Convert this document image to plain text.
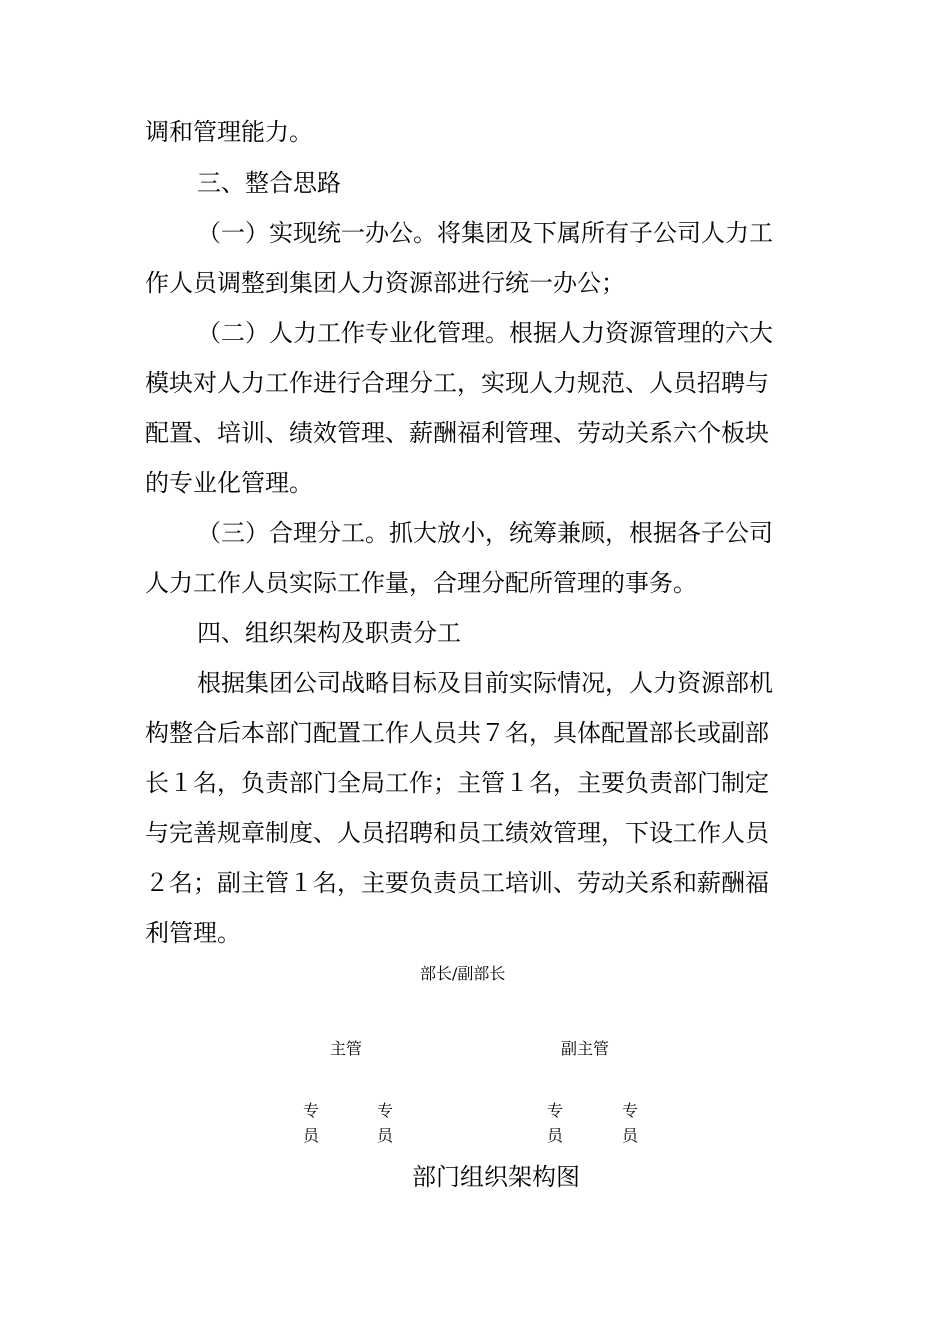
调和管理能力。
三、整合思路
（一）实现统一办公。将集团及下属所有子公司人力工
作人员调整到集团人力资源部进行统一办公；
（二）人力工作专业化管理。根据人力资源管理的六大
模块对人力工作进行合理分工，实现人力规范、人员招聘与
配置、培训、绩效管理、薪酬福利管理、劳动关系六个板块
的专业化管理。
（三）合理分工。抓大放小，统筹兼顾，根据各子公司
人力工作人员实际工作量，合理分配所管理的事务。
四、组织架构及职责分工
根据集团公司战略目标及目前实际情况，人力资源部机
构整合后本部门配置工作人员共７名，具体配置部长或副部
长１名，负责部门全局工作；主管１名，主要负责部门制定
与完善规章制度、人员招聘和员工绩效管理，下设工作人员
２名；副主管１名，主要负责员工培训、劳动关系和薪酬福
利管理。
部长/副部长
主管	副主管
专
员
专
员
专
员
专
员
部门组织架构图
